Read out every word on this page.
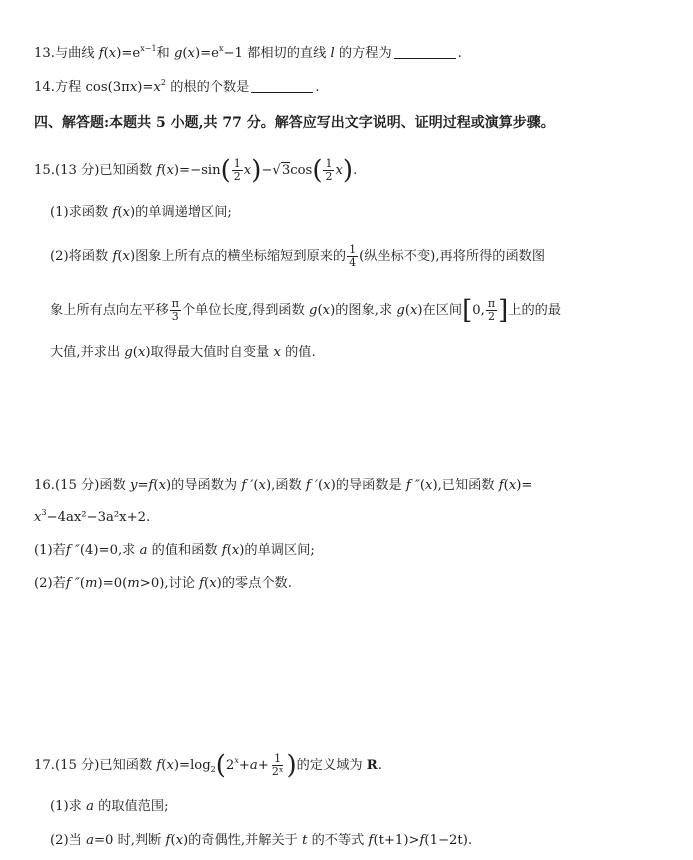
13.与曲线 $f(x)=e^{x-1}$和 $g(x)=e^x-1$ 都相切的直线 l 的方程为	.
14.方程 $\cos(3\pi x)=x^2$ 的根的个数是	.
四、解答题:本题共 5 小题,共 77 分。解答应写出文字说明、证明过程或演算步骤。
15.(13 分)已知函数 $f(x)=-\sin( \frac{1}{2} x)-√3\cos( \frac{1}{2} x)$.
(1)求函数 f(x)的单调递增区间;
(2)将函数 f(x)图象上所有点的横坐标缩短到原来的 $\frac{1}{4}$ (纵坐标不变),再将所得的函数图
象上所有点向左平移 $\frac{\pi}{3}$ 个单位长度,得到函数 g(x)的图象,求 g(x)在区间[0, $\frac{\pi}{2}$ ]上的的最
大值,并求出 g(x)取得最大值时自变量 x 的值.
16.(15 分)函数 y=f(x)的导函数为 f ′(x),函数 f ′(x)的导函数是 f ″(x),已知函数 f(x)=
$x^3-4ax^2-3a^2x+2$.
(1)若f ″(4)=0,求 a 的值和函数 f(x)的单调区间;
(2)若f ″(m)=0(m>0),讨论 f(x)的零点个数.
17.(15 分)已知函数 $f(x)=\log_2(2^x+a+ \frac{1}{\text{2ˣ}}$ )的定义域为 R.
(1)求 a 的取值范围;
(2)当 a=0 时,判断 f(x)的奇偶性,并解关于 t 的不等式 f(t+1)>f(1−2t).
